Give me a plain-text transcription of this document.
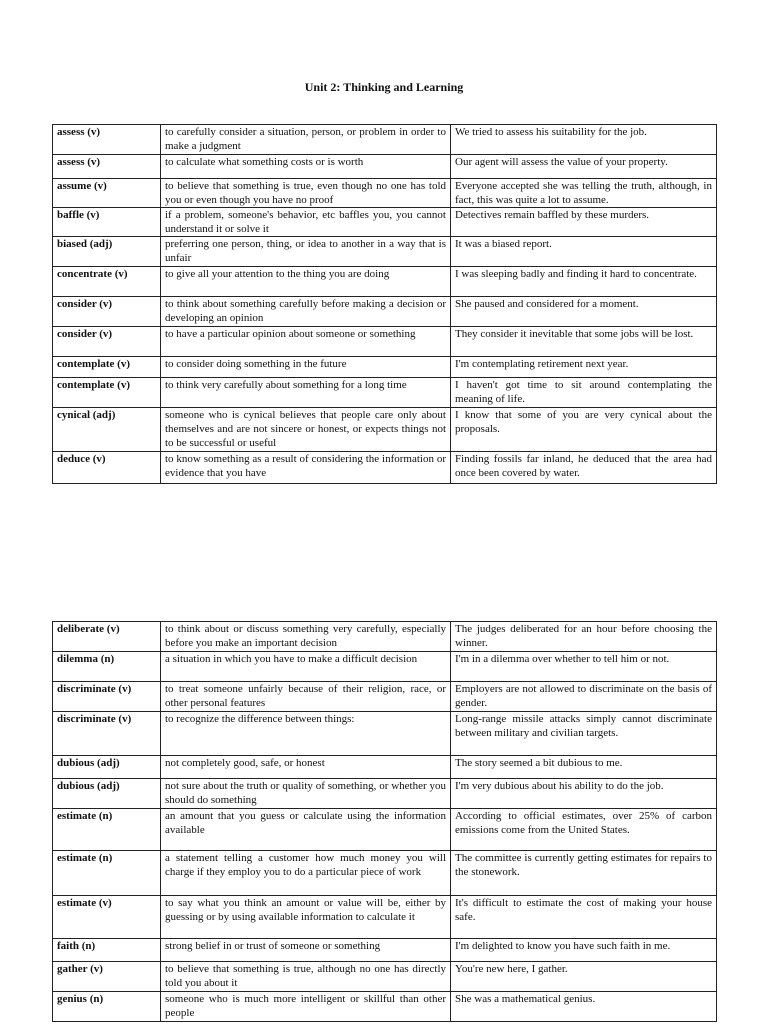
Unit 2: Thinking and Learning
assess (v)	to carefully consider a situation, person, or problem in order to make a judgment	We tried to assess his suitability for the job.
assess (v)	to calculate what something costs or is worth	Our agent will assess the value of your property.
assume (v)	to believe that something is true, even though no one has told you or even though you have no proof	Everyone accepted she was telling the truth, although, in fact, this was quite a lot to assume.
baffle (v)	if a problem, someone's behavior, etc baffles you, you cannot understand it or solve it	Detectives remain baffled by these murders.
biased (adj)	preferring one person, thing, or idea to another in a way that is unfair	It was a biased report.
concentrate (v)	to give all your attention to the thing you are doing	I was sleeping badly and finding it hard to concentrate.
consider (v)	to think about something carefully before making a decision or developing an opinion	She paused and considered for a moment.
consider (v)	to have a particular opinion about someone or something	They consider it inevitable that some jobs will be lost.
contemplate (v)	to consider doing something in the future	I'm contemplating retirement next year.
contemplate (v)	to think very carefully about something for a long time	I haven't got time to sit around contemplating the meaning of life.
cynical (adj)	someone who is cynical believes that people care only about themselves and are not sincere or honest, or expects things not to be successful or useful	I know that some of you are very cynical about the proposals.
deduce (v)	to know something as a result of considering the information or evidence that you have	Finding fossils far inland, he deduced that the area had once been covered by water.
deliberate (v)	to think about or discuss something very carefully, especially before you make an important decision	The judges deliberated for an hour before choosing the winner.
dilemma (n)	a situation in which you have to make a difficult decision	I'm in a dilemma over whether to tell him or not.
discriminate (v)	to treat someone unfairly because of their religion, race, or other personal features	Employers are not allowed to discriminate on the basis of gender.
discriminate (v)	to recognize the difference between things:	Long-range missile attacks simply cannot discriminate between military and civilian targets.
dubious (adj)	not completely good, safe, or honest	The story seemed a bit dubious to me.
dubious (adj)	not sure about the truth or quality of something, or whether you should do something	I'm very dubious about his ability to do the job.
estimate (n)	an amount that you guess or calculate using the information available	According to official estimates, over 25% of carbon emissions come from the United States.
estimate (n)	a statement telling a customer how much money you will charge if they employ you to do a particular piece of work	The committee is currently getting estimates for repairs to the stonework.
estimate (v)	to say what you think an amount or value will be, either by guessing or by using available information to calculate it	It's difficult to estimate the cost of making your house safe.
faith (n)	strong belief in or trust of someone or something	I'm delighted to know you have such faith in me.
gather (v)	to believe that something is true, although no one has directly told you about it	You're new here, I gather.
genius (n)	someone who is much more intelligent or skillful than other people	She was a mathematical genius.
